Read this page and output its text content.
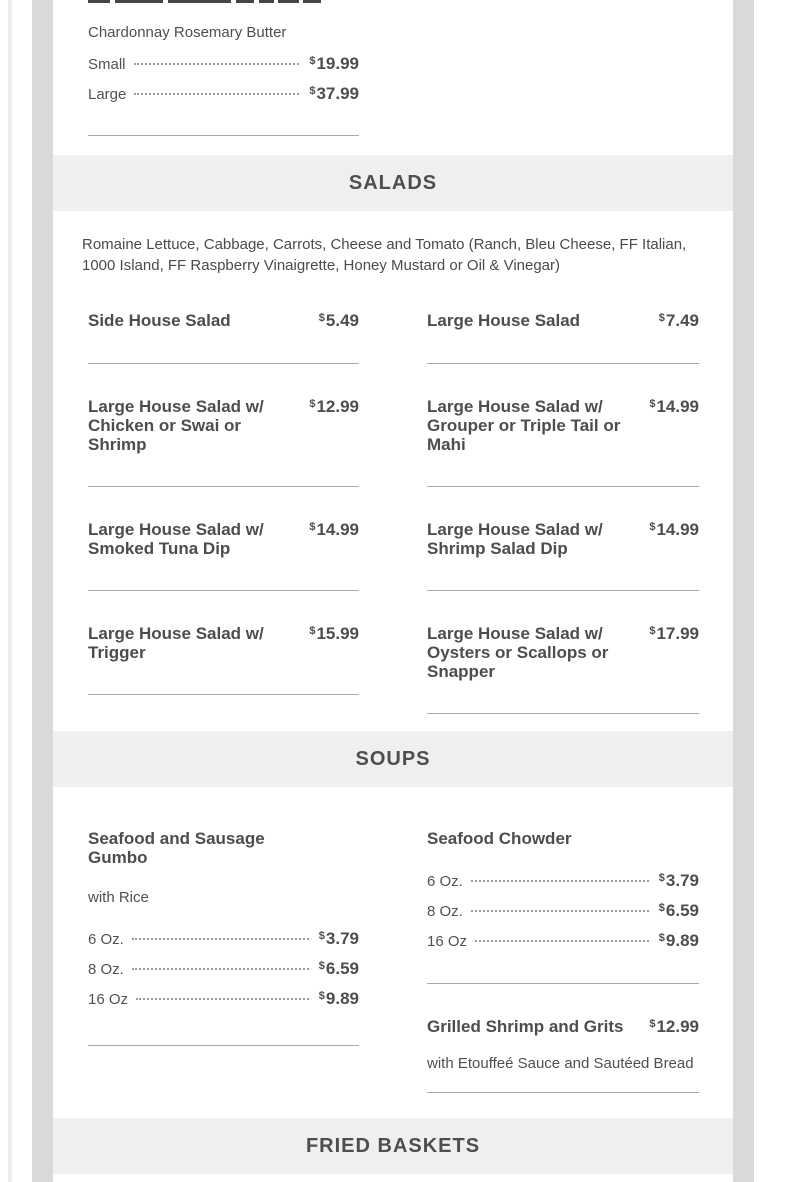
Chardonnay Rosemary Butter
Small	$19.99
Large	$37.99
SALADS
Romaine Lettuce, Cabbage, Carrots, Cheese and Tomato (Ranch, Bleu Cheese, FF Italian, 1000 Island, FF Raspberry Vinaigrette, Honey Mustard or Oil & Vinegar)
Side House Salad	$5.49
Large House Salad w/ Chicken or Swai or Shrimp
$12.99
Large House Salad w/ Smoked Tuna Dip
$14.99
Large House Salad w/ Trigger
$15.99
Large House Salad	$7.49
Large House Salad w/ Grouper or Triple Tail or Mahi
$14.99
Large House Salad w/ Shrimp Salad Dip
$14.99
Large House Salad w/ Oysters or Scallops or Snapper
$17.99
SOUPS
Seafood and Sausage Gumbo
with Rice
6 Oz.	$3.79
8 Oz.	$6.59
16 Oz	$9.89
Seafood Chowder
6 Oz.	$3.79
8 Oz.	$6.59
16 Oz	$9.89
Grilled Shrimp and Grits $12.99
with Etouffeé Sauce and Sautéed Bread
FRIED BASKETS
